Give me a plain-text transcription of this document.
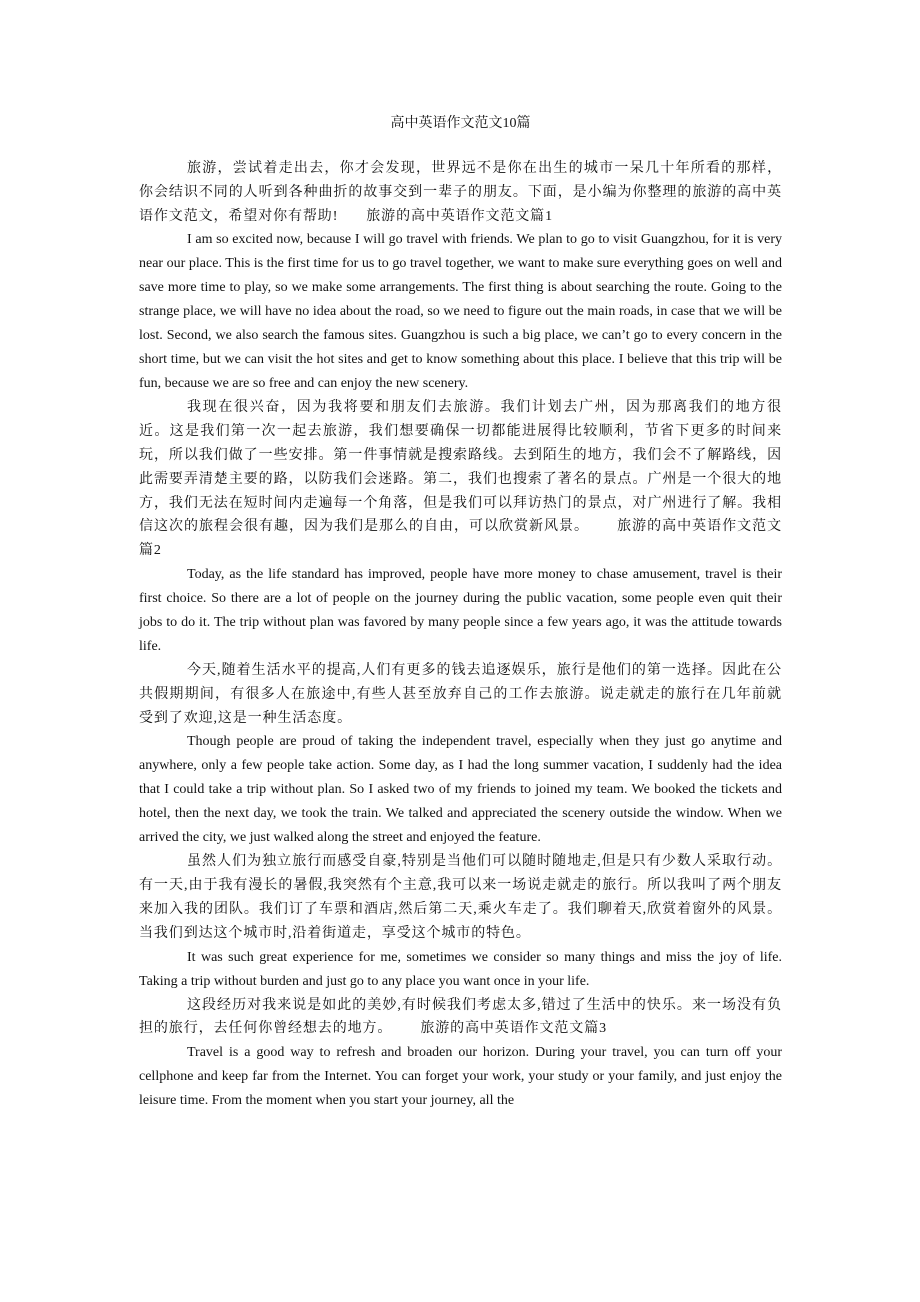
高中英语作文范文10篇

旅游，尝试着走出去，你才会发现，世界远不是你在出生的城市一呆几十年所看的那样，你会结识不同的人听到各种曲折的故事交到一辈子的朋友。下面，是小编为你整理的旅游的高中英语作文范文，希望对你有帮助! 旅游的高中英语作文范文篇1

I am so excited now, because I will go travel with friends. We plan to go to visit Guangzhou, for it is very near our place. This is the first time for us to go travel together, we want to make sure everything goes on well and save more time to play, so we make some arrangements. The first thing is about searching the route. Going to the strange place, we will have no idea about the road, so we need to figure out the main roads, in case that we will be lost. Second, we also search the famous sites. Guangzhou is such a big place, we can’t go to every concern in the short time, but we can visit the hot sites and get to know something about this place. I believe that this trip will be fun, because we are so free and can enjoy the new scenery.

我现在很兴奋，因为我将要和朋友们去旅游。我们计划去广州，因为那离我们的地方很近。这是我们第一次一起去旅游，我们想要确保一切都能进展得比较顺利，节省下更多的时间来玩，所以我们做了一些安排。第一件事情就是搜索路线。去到陌生的地方，我们会不了解路线，因此需要弄清楚主要的路，以防我们会迷路。第二，我们也搜索了著名的景点。广州是一个很大的地方，我们无法在短时间内走遍每一个角落，但是我们可以拜访热门的景点，对广州进行了解。我相信这次的旅程会很有趣，因为我们是那么的自由，可以欣赏新风景。 旅游的高中英语作文范文篇2

Today, as the life standard has improved, people have more money to chase amusement, travel is their first choice. So there are a lot of people on the journey during the public vacation, some people even quit their jobs to do it. The trip without plan was favored by many people since a few years ago, it was the attitude towards life.

今天,随着生活水平的提高,人们有更多的钱去追逐娱乐，旅行是他们的第一选择。因此在公共假期期间，有很多人在旅途中,有些人甚至放弃自己的工作去旅游。说走就走的旅行在几年前就受到了欢迎,这是一种生活态度。

Though people are proud of taking the independent travel, especially when they just go anytime and anywhere, only a few people take action. Some day, as I had the long summer vacation, I suddenly had the idea that I could take a trip without plan. So I asked two of my friends to joined my team. We booked the tickets and hotel, then the next day, we took the train. We talked and appreciated the scenery outside the window. When we arrived the city, we just walked along the street and enjoyed the feature.

虽然人们为独立旅行而感受自豪,特别是当他们可以随时随地走,但是只有少数人采取行动。有一天,由于我有漫长的暑假,我突然有个主意,我可以来一场说走就走的旅行。所以我叫了两个朋友来加入我的团队。我们订了车票和酒店,然后第二天,乘火车走了。我们聊着天,欣赏着窗外的风景。当我们到达这个城市时,沿着街道走，享受这个城市的特色。

It was such great experience for me, sometimes we consider so many things and miss the joy of life. Taking a trip without burden and just go to any place you want once in your life.

这段经历对我来说是如此的美妙,有时候我们考虑太多,错过了生活中的快乐。来一场没有负担的旅行，去任何你曾经想去的地方。 旅游的高中英语作文范文篇3

Travel is a good way to refresh and broaden our horizon. During your travel, you can turn off your cellphone and keep far from the Internet. You can forget your work, your study or your family, and just enjoy the leisure time. From the moment when you start your journey, all the
